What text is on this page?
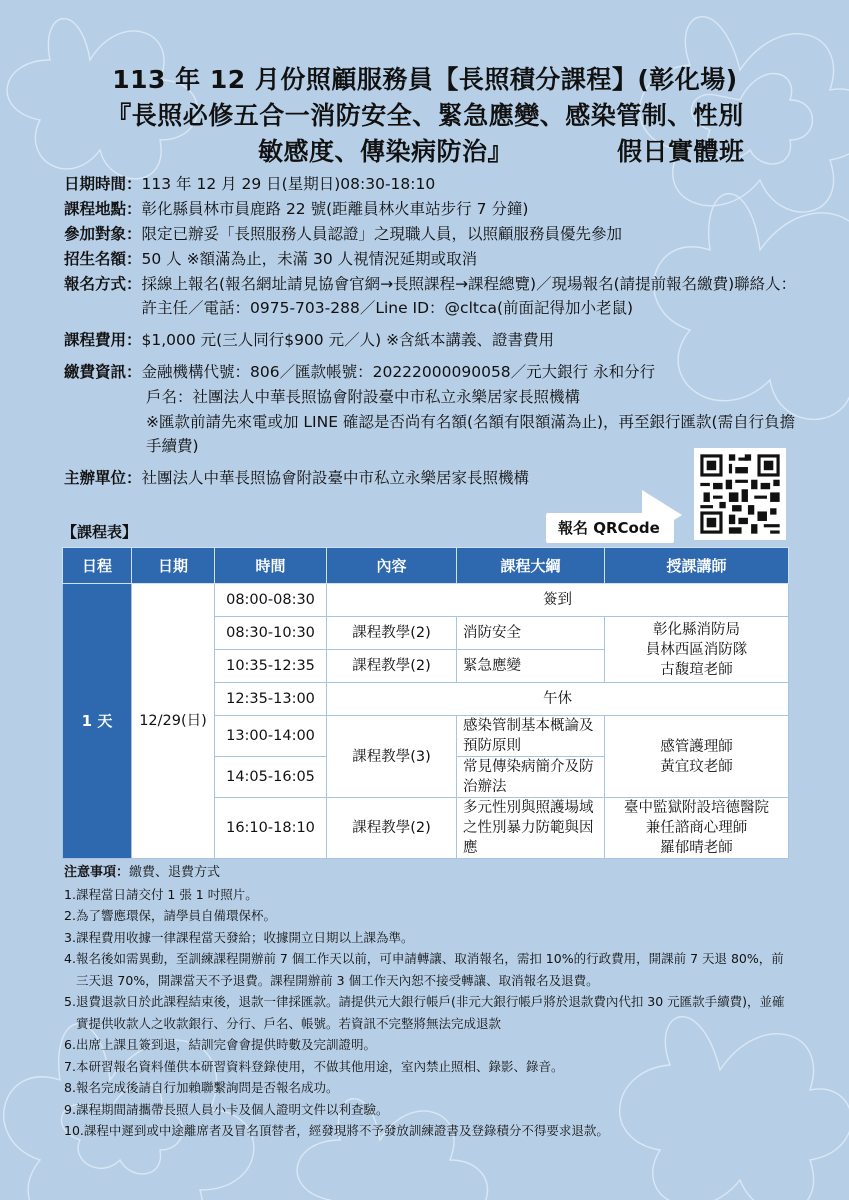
113 年 12 月份照顧服務員【長照積分課程】(彰化場)
『長照必修五合一消防安全、緊急應變、感染管制、性別
敏感度、傳染病防治』	假日實體班
日期時間： 113 年 12 月 29 日(星期日)08:30-18:10
課程地點： 彰化縣員林市員鹿路 22 號(距離員林火車站步行 7 分鐘)
參加對象： 限定已辦妥「長照服務人員認證」之現職人員，以照顧服務員優先參加
招生名額： 50 人 ※額滿為止，未滿 30 人視情況延期或取消
報名方式： 採線上報名(報名網址請見協會官網→長照課程→課程總覽)／現場報名(請提前報名繳費)聯絡人：許主任／電話：0975-703-288／Line ID：@cltca(前面記得加小老鼠)
課程費用： $1,000 元(三人同行$900 元／人) ※含紙本講義、證書費用
繳費資訊： 金融機構代號：806／匯款帳號：20222000090058／元大銀行 永和分行
戶名：社團法人中華長照協會附設臺中市私立永樂居家長照機構
※匯款前請先來電或加 LINE 確認是否尚有名額(名額有限額滿為止)，再至銀行匯款(需自行負擔手續費)
主辦單位： 社團法人中華長照協會附設臺中市私立永樂居家長照機構
報名 QRCode
【課程表】
日程	日期	時間	內容	課程大綱	授課講師
1 天	12/29(日)	08:00-08:30	簽到		
		08:30-10:30	課程教學(2)	消防安全	彰化縣消防局
員林西區消防隊
古馥瑄老師

		10:35-12:35	課程教學(2)	緊急應變	
		12:35-13:00	午休		
		13:00-14:00	課程教學(3)	感染管制基本概論及預防原則	感管護理師
黃宜玟老師

		14:05-16:05		常見傳染病簡介及防治辦法	
		16:10-18:10	課程教學(2)	多元性別與照護場域之性別暴力防範與因應	臺中監獄附設培德醫院
兼任諮商心理師
羅郁晴老師
注意事項：繳費、退費方式
1. 課程當日請交付 1 張 1 吋照片。
2. 為了響應環保，請學員自備環保杯。
3. 課程費用收據一律課程當天發給；收據開立日期以上課為準。
4. 報名後如需異動，至訓練課程開辦前 7 個工作天以前，可申請轉讓、取消報名，需扣 10%的行政費用，開課前 7 天退 80%，前三天退 70%，開課當天不予退費。課程開辦前 3 個工作天內恕不接受轉讓、取消報名及退費。
5. 退費退款日於此課程結束後，退款一律採匯款。請提供元大銀行帳戶(非元大銀行帳戶將於退款費內代扣 30 元匯款手續費)，並確實提供收款人之收款銀行、分行、戶名、帳號。若資訊不完整將無法完成退款
6. 出席上課且簽到退，結訓完會會提供時數及完訓證明。
7. 本研習報名資料僅供本研習資料登錄使用，不做其他用途，室內禁止照相、錄影、錄音。
8. 報名完成後請自行加賴聯繫詢問是否報名成功。
9. 課程期間請攜帶長照人員小卡及個人證明文件以利查驗。
10. 課程中遲到或中途離席者及冒名頂替者，經發現將不予發放訓練證書及登錄積分不得要求退款。
